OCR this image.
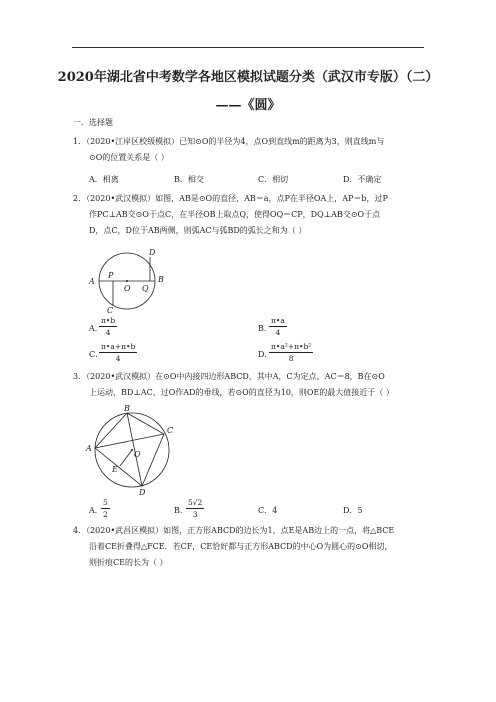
2020年湖北省中考数学各地区模拟试题分类（武汉市专版）（二）
——《圆》
一．选择题
1．（2020•江岸区校级模拟）已知⊙O的半径为4，点O到直线m的距离为3，则直线m与
⊙O的位置关系是（ ）
A．相离	B．相交	C．相切	D．不确定
2．（2020•武汉模拟）如图，AB是⊙O的直径，AB＝a，点P在半径OA上，AP＝b，过P
作PC⊥AB交⊙O于点C，在半径OB上取点Q，使得OQ＝CP，DQ⊥AB交⊙O于点
D，点C，D位于AB两侧，则弧AC与弧BD的弧长之和为（ ）
D
A
P
O Q
B
C
A．
$\frac{\pi•b}{4}$	B．
$\frac{\pi•a}{4}$
C．
$\frac{\pi•a+\pi•b}{4}$	D．
$\frac{\text{π•a²+π•b²}}{8}$
3．（2020•武汉模拟）在⊙O中内接四边形ABCD，其中A，C为定点，AC＝8，B在⊙O
上运动，BD⊥AC，过O作AD的垂线，若⊙O的直径为10，则OE的最大值接近于（ ）
B
C
A
O
E
D
A．
$\frac{5}{2}$	B．
$\frac{5√2}{3}$	C．4	D．5
4．（2020•武昌区模拟）如图，正方形ABCD的边长为1，点E是AB边上的一点，将△BCE
沿着CE折叠得△FCE．若CF，CE恰好都与正方形ABCD的中心O为圆心的⊙O相切，
则折痕CE的长为（ ）
